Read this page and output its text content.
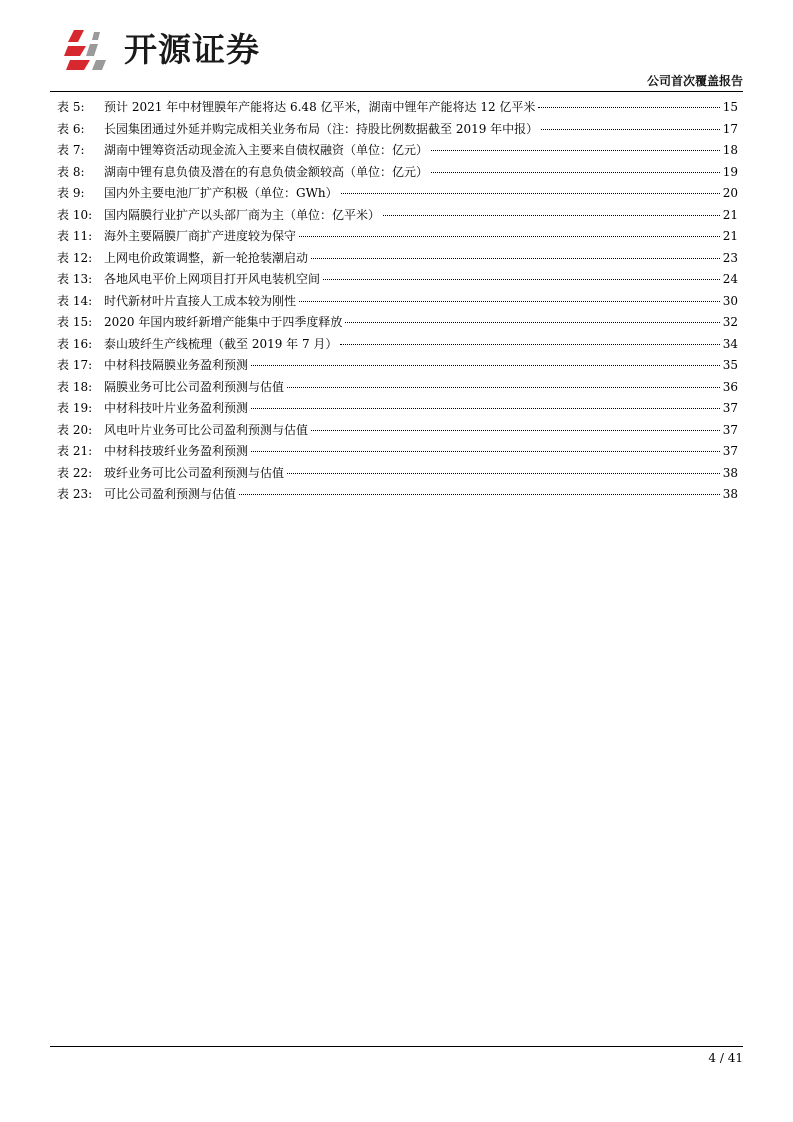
开源证券
公司首次覆盖报告
表 5:	预计 2021 年中材锂膜年产能将达 6.48 亿平米，湖南中锂年产能将达 12 亿平米	15
表 6:	长园集团通过外延并购完成相关业务布局（注：持股比例数据截至 2019 年中报）	17
表 7:	湖南中锂筹资活动现金流入主要来自债权融资（单位：亿元）	18
表 8:	湖南中锂有息负债及潜在的有息负债金额较高（单位：亿元）	19
表 9:	国内外主要电池厂扩产积极（单位：GWh）	20
表 10: 国内隔膜行业扩产以头部厂商为主（单位：亿平米）	21
表 11: 海外主要隔膜厂商扩产进度较为保守	21
表 12: 上网电价政策调整，新一轮抢装潮启动	23
表 13: 各地风电平价上网项目打开风电装机空间	24
表 14: 时代新材叶片直接人工成本较为刚性	30
表 15: 2020 年国内玻纤新增产能集中于四季度释放	32
表 16: 泰山玻纤生产线梳理（截至 2019 年 7 月）	34
表 17: 中材科技隔膜业务盈利预测	35
表 18: 隔膜业务可比公司盈利预测与估值	36
表 19: 中材科技叶片业务盈利预测	37
表 20: 风电叶片业务可比公司盈利预测与估值	37
表 21: 中材科技玻纤业务盈利预测	37
表 22: 玻纤业务可比公司盈利预测与估值	38
表 23: 可比公司盈利预测与估值	38
4 / 41
